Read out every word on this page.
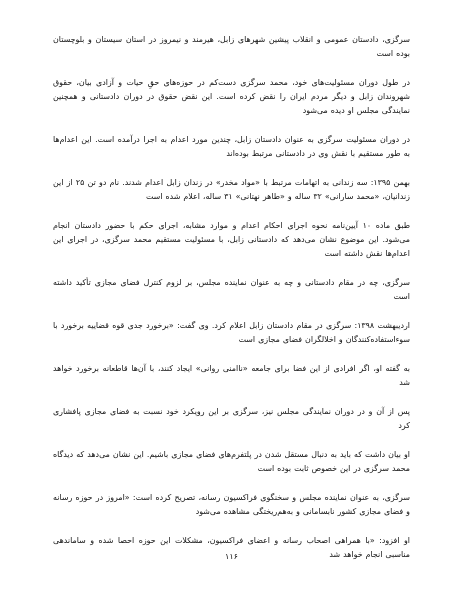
سرگزی، دادستان عمومی و انقلاب پیشین شهرهای زابل، هیرمند و نیمروز در استان سیستان و بلوچستان بوده است

در طول دوران مسئولیت‌های خود، محمد سرگزی دست‌کم در حوزه‌های حقِ حیات و آزادی بیان، حقوق شهروندان زابل و دیگر مردم ایران را نقض کرده است. این نقض حقوق در دوران دادستانی و همچنین نمایندگی مجلس او دیده می‌شود

در دوران مسئولیت سرگزی به عنوان دادستان زابل، چندین مورد اعدام به اجرا درآمده است. این اعدام‌ها به طور مستقیم با نقش وی در دادستانی مرتبط بوده‌اند

بهمن ۱۳۹۵: سه زندانی به اتهامات مرتبط با «مواد مخدر» در زندان زابل اعدام شدند. نام دو تن ۲۵ از این زندانیان، «محمد سارانی» ۳۲ ساله و «طاهر نهتانی» ۳۱ ساله، اعلام شده است

طبق ماده ۱۰ آیین‌نامه نحوه اجرای احکام اعدام و موارد مشابه، اجرای حکم با حضور دادستان انجام می‌شود. این موضوع نشان می‌دهد که دادستانی زابل، با مسئولیت مستقیم محمد سرگزی، در اجرای این اعدام‌ها نقش داشته است

سرگزی، چه در مقام دادستانی و چه به عنوان نماینده مجلس، بر لزوم کنترل فضای مجازی تأکید داشته است

اردیبهشت ۱۳۹۸: سرگزی در مقام دادستان زابل اعلام کرد. وی گفت: «برخورد جدی قوه قضاییه برخورد با سوءاستفاده‌کنندگان و اخلالگران فضای مجازی است

به گفته او، اگر افرادی از این فضا برای جامعه «ناامنی روانی» ایجاد کنند، با آن‌ها قاطعانه برخورد خواهد شد

پس از آن و در دوران نمایندگی مجلس نیز، سرگزی بر این رویکرد خود نسبت به فضای مجازی پافشاری کرد

او بیان داشت که باید به دنبال مستقل شدن در پلتفرم‌های فضای مجازی باشیم. این نشان می‌دهد که دیدگاه محمد سرگزی در این خصوص ثابت بوده است

سرگزی، به عنوان نماینده مجلس و سخنگوی فراکسیون رسانه، تصریح کرده است: «امروز در حوزه رسانه و فضای مجازی کشور نابسامانی و به‌هم‌ریختگی مشاهده می‌شود

او افزود: «با همراهی اصحاب رسانه و اعضای فراکسیون، مشکلات این حوزه احصا شده و ساماندهی مناسبی انجام خواهد شد

۱۱۶
